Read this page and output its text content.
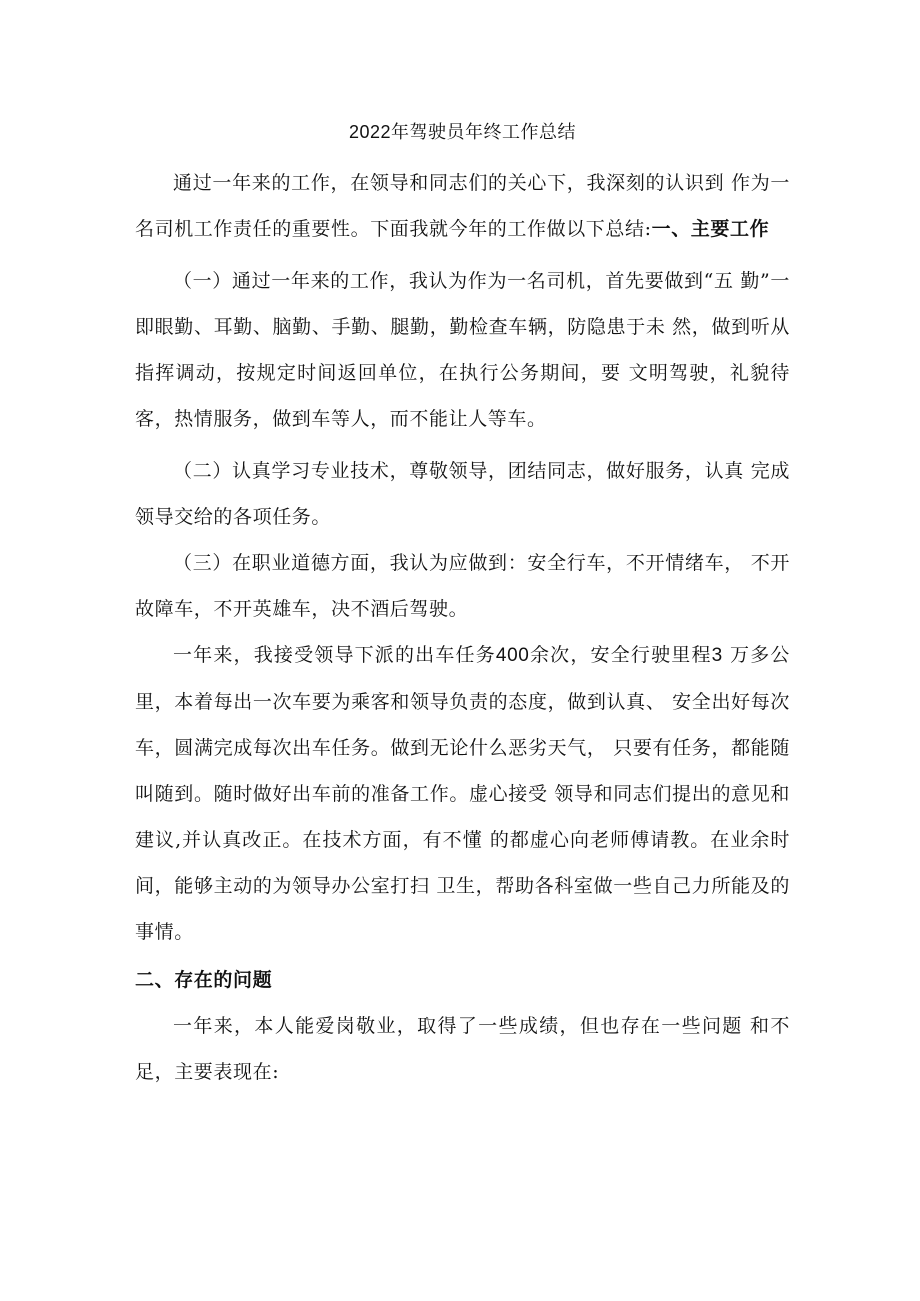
2022年驾驶员年终工作总结

通过一年来的工作，在领导和同志们的关心下，我深刻的认识到 作为一名司机工作责任的重要性。下面我就今年的工作做以下总结:一、主要工作

（一）通过一年来的工作，我认为作为一名司机，首先要做到“五 勤”一即眼勤、耳勤、脑勤、手勤、腿勤，勤检查车辆，防隐患于未 然，做到听从指挥调动，按规定时间返回单位，在执行公务期间，要 文明驾驶，礼貌待客，热情服务，做到车等人，而不能让人等车。

（二）认真学习专业技术，尊敬领导，团结同志，做好服务，认真 完成领导交给的各项任务。

（三）在职业道德方面，我认为应做到：安全行车，不开情绪车， 不开故障车，不开英雄车，决不酒后驾驶。

一年来，我接受领导下派的出车任务400余次，安全行驶里程3 万多公里，本着每出一次车要为乘客和领导负责的态度，做到认真、 安全出好每次车，圆满完成每次出车任务。做到无论什么恶劣天气， 只要有任务，都能随叫随到。随时做好出车前的准备工作。虚心接受 领导和同志们提出的意见和建议,并认真改正。在技术方面，有不懂 的都虚心向老师傅请教。在业余时间，能够主动的为领导办公室打扫 卫生，帮助各科室做一些自己力所能及的事情。

二、存在的问题

一年来，本人能爱岗敬业，取得了一些成绩，但也存在一些问题 和不足，主要表现在:
